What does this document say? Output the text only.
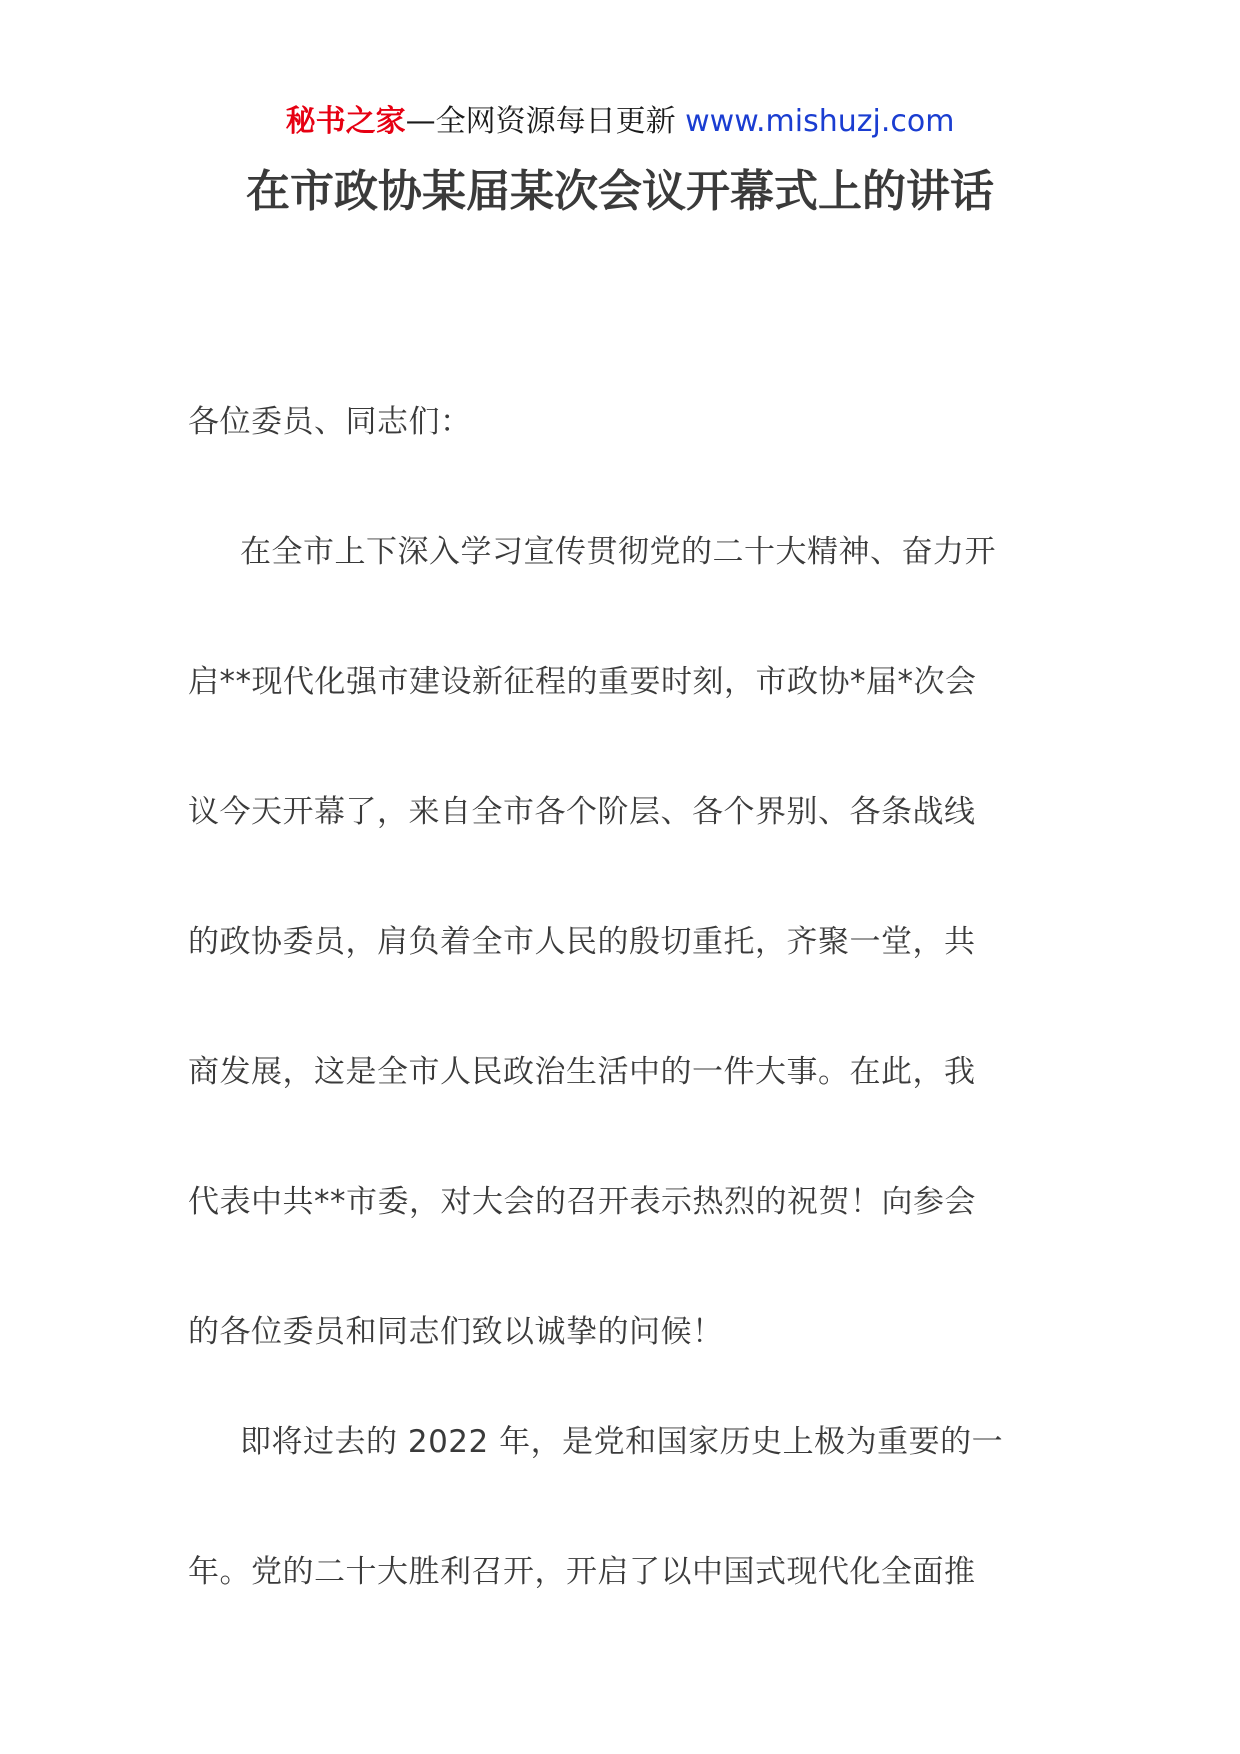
秘书之家—全网资源每日更新 www.mishuzj.com
在市政协某届某次会议开幕式上的讲话
各位委员、同志们：
在全市上下深入学习宣传贯彻党的二十大精神、奋力开
启**现代化强市建设新征程的重要时刻，市政协*届*次会
议今天开幕了，来自全市各个阶层、各个界别、各条战线
的政协委员，肩负着全市人民的殷切重托，齐聚一堂，共
商发展，这是全市人民政治生活中的一件大事。在此，我
代表中共**市委，对大会的召开表示热烈的祝贺！向参会
的各位委员和同志们致以诚挚的问候！
即将过去的 2022 年，是党和国家历史上极为重要的一
年。党的二十大胜利召开，开启了以中国式现代化全面推
